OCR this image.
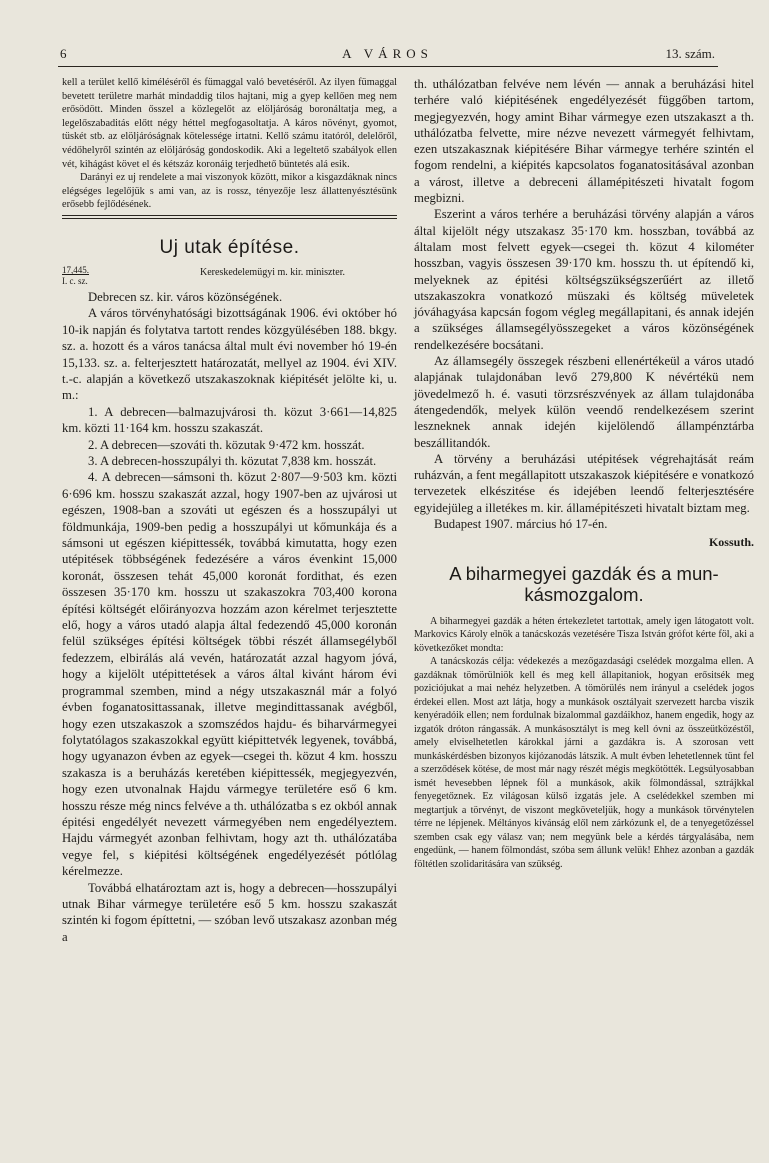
6	A VÁROS	13. szám.

kell a terület kellő kiméléséről és fümaggal való bevetéséről. Az ilyen fümaggal bevetett területre marhát mindaddig tilos hajtani, mig a gyep kellően meg nem erősödött. Minden ősszel a közlegelőt az elöljáróság boronáltatja meg, a legelőszabaditás előtt négy héttel megfogasoltatja. A káros növényt, gyomot, tüskét stb. az elöljáróságnak kötelessége irtatni. Kellő számu itatóról, delelőről, védőhelyről szintén az elöljáróság gondoskodik. Aki a legeltető szabályok ellen vét, kihágást követ el és kétszáz koronáig terjedhető büntetés alá esik.

Darányi ez uj rendelete a mai viszonyok között, mikor a kisgazdáknak nincs elégséges legelőjük s ami van, az is rossz, tényezője lesz állattenyésztésünk erősebb fejlődésének.

Uj utak építése.
17,445.
I. c. sz.
Kereskedelemügyi m. kir. miniszter.

Debrecen sz. kir. város közönségének.

A város törvényhatósági bizottságának 1906. évi október hó 10-ik napján és folytatva tartott rendes közgyülésében 188. bkgy. sz. a. hozott és a város tanácsa által mult évi november hó 19-én 15,133. sz. a. felterjesztett határozatát, mellyel az 1904. évi XIV. t.-c. alapján a következő utszakaszoknak kiépitését jelölte ki, u. m.:

1. A debrecen—balmazujvárosi th. közut 3·661—14,825 km. közti 11·164 km. hosszu szakaszát.

2. A debrecen—szováti th. közutak 9·472 km. hosszát.

3. A debrecen-hosszupályi th. közutat 7,838 km. hosszát.

4. A debrecen—sámsoni th. közut 2·807—9·503 km. közti 6·696 km. hosszu szakaszát azzal, hogy 1907-ben az ujvárosi ut egészen, 1908-ban a szováti ut egészen és a hosszupályi ut földmunkája, 1909-ben pedig a hosszupályi ut kőmunkája és a sámsoni ut egészen kiépittessék, továbbá kimutatta, hogy ezen utépitések többségének fedezésére a város évenkint 15,000 koronát, összesen tehát 45,000 koronát fordithat, és ezen összesen 35·170 km. hosszu ut szakaszokra 703,400 korona építési költségét előirányozva hozzám azon kérelmet terjesztette elő, hogy a város utadó alapja által fedezendő 45,000 koronán felül szükséges építési költségek többi részét államsegélyből fedezzem, elbirálás alá vevén, határozatát azzal hagyom jóvá, hogy a kijelölt utépittetések a város által kivánt három évi programmal szemben, mind a négy utszakasznál már a folyó évben foganatosittassanak, illetve megindittassanak avégből, hogy ezen utszakaszok a szomszédos hajdu- és biharvármegyei folytatólagos szakaszokkal együtt kiépittetvék legyenek, továbbá, hogy ugyanazon évben az egyek—csegei th. közut 4 km. hosszu szakasza is a beruházás keretében kiépittessék, megjegyezvén, hogy ezen utvonalnak Hajdu vármegye területére eső 6 km. hosszu része még nincs felvéve a th. uthálózatba s ez okból annak épitési engedélyét nevezett vármegyében nem engedélyeztem. Hajdu vármegyét azonban felhivtam, hogy azt th. uthálózatába vegye fel, s kiépitési költségének engedélyezését pótlólag kérelmezze.

Továbbá elhatároztam azt is, hogy a debrecen—hosszupályi utnak Bihar vármegye területére eső 5 km. hosszu szakaszát szintén ki fogom építtetni, — szóban levő utszakasz azonban még a

th. uthálózatban felvéve nem lévén — annak a beruházási hitel terhére való kiépitésének engedélyezését függőben tartom, megjegyezvén, hogy amint Bihar vármegye ezen utszakaszt a th. uthálózatba felvette, mire nézve nevezett vármegyét felhivtam, ezen utszakasznak kiépitésére Bihar vármegye terhére szintén el fogom rendelni, a kiépités kapcsolatos foganatositásával azonban a várost, illetve a debreceni államépitészeti hivatalt fogom megbizni.

Eszerint a város terhére a beruházási törvény alapján a város által kijelölt négy utszakasz 35·170 km. hosszban, továbbá az általam most felvett egyek—csegei th. közut 4 kilométer hosszban, vagyis összesen 39·170 km. hosszu th. ut építendő ki, melyeknek az épitési költségszükségszerűért az illető utszakaszokra vonatkozó müszaki és költség müveletek jóváhagyása kapcsán fogom végleg megállapitani, és annak idején a szükséges államsegélyösszegeket a város közönségének rendelkezésére bocsátani.

Az államsegély összegek részbeni ellenértékeül a város utadó alapjának tulajdonában levő 279,800 K névértékü nem jövedelmező h. é. vasuti törzsrészvények az állam tulajdonába átengedendők, melyek külön veendő rendelkezésem szerint leszneknek annak idején kijelölendő állampénztárba beszállitandók.

A törvény a beruházási utépitések végrehajtását reám ruházván, a fent megállapitott utszakaszok kiépitésére e vonatkozó tervezetek elkészitése és idejében leendő felterjesztésére egyidejüleg a illetékes m. kir. államépitészeti hivatalt biztam meg.

Budapest 1907. március hó 17-én.

Kossuth.
A biharmegyei gazdák és a mun-
kásmozgalom.

A biharmegyei gazdák a héten értekezletet tartottak, amely igen látogatott volt. Markovics Károly elnök a tanácskozás vezetésére Tisza István grófot kérte föl, aki a következőket mondta:

A tanácskozás célja: védekezés a mezőgazdasági cselédek mozgalma ellen. A gazdáknak tömörülniök kell és meg kell állapitaniok, hogyan erősitsék meg poziciójukat a mai nehéz helyzetben. A tömörülés nem irányul a cselédek jogos érdekei ellen. Most azt látja, hogy a munkások osztályait szervezett harcba viszik kenyéradóik ellen; nem fordulnak bizalommal gazdáikhoz, hanem engedik, hogy az izgatók dróton rángassák. A munkásosztályt is meg kell óvni az összeütközéstől, amely elviselhetetlen károkkal járni a gazdákra is. A szorosan vett munkáskérdésben bizonyos kijózanodás látszik. A mult évben lehetetlennek tünt fel a szerződések kötése, de most már nagy részét mégis megkötötték. Legsúlyosabban ismét hevesebben lépnek föl a munkások, akik fölmondással, sztrájkkal fenyegetőznek. Ez világosan külső izgatás jele. A cselédekkel szemben mi megtartjuk a törvényt, de viszont megköveteljük, hogy a munkások törvénytelen térre ne lépjenek. Méltányos kivánság elől nem zárkózunk el, de a tenyegetőzéssel szemben csak egy válasz van; nem megyünk bele a kérdés tárgyalásába, nem engedünk, — hanem fölmondást, szóba sem állunk velük! Ehhez azonban a gazdák föltétlen szolidaritására van szükség.
